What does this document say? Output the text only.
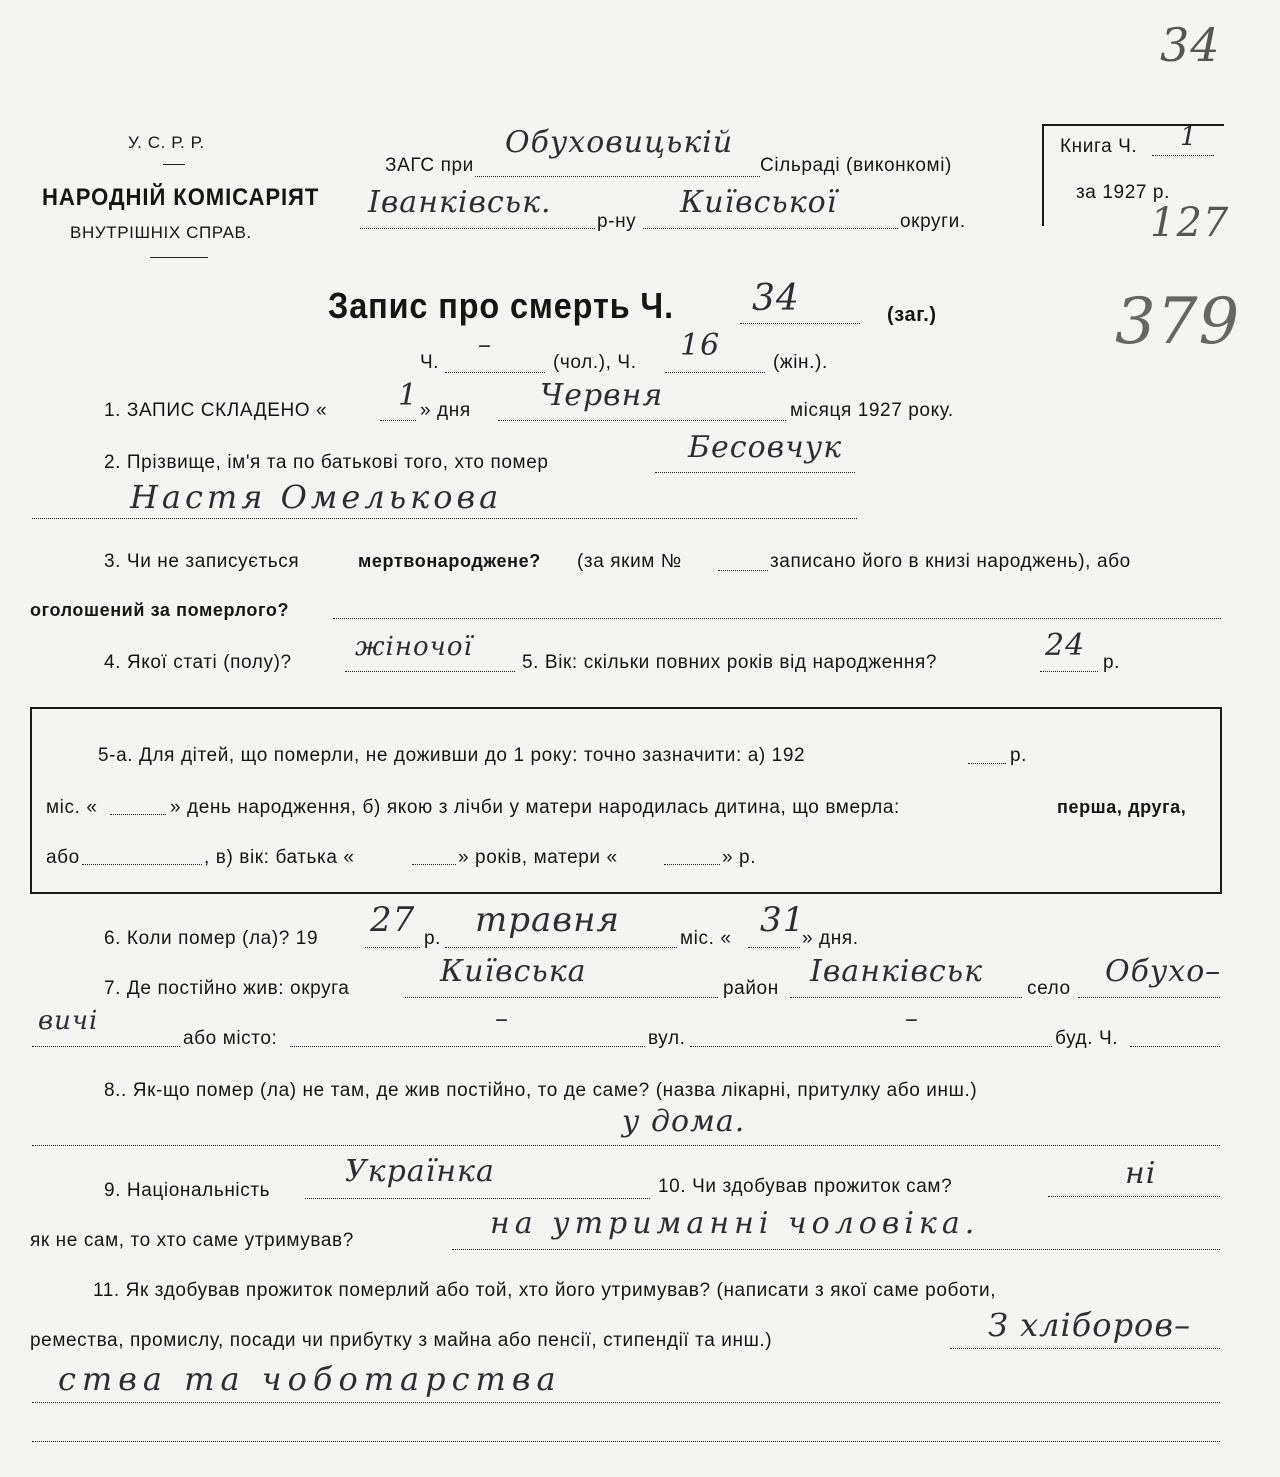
У. С. Р. Р.
НАРОДНІЙ КОМІСАРІЯТ
ВНУТРІШНІХ СПРАВ.
ЗАГС при
Обуховицькій
Сільраді (виконкомі)
Іванківськ.
р-ну
Київської
округи.
Книга Ч. 1
за 1927 р.
34
127
379
Запис про смерть Ч. 34	(заг.)
Ч.
–
(чол.), Ч. 16	(жін.).
1. ЗАПИС СКЛАДЕНО « 1 » дня Червня	місяця 1927 року.
2. Прізвище, ім'я та по батькові того, хто помер	Бесовчук
Настя Омелькова
3. Чи не записується	мертвонароджене? (за яким №	записано його в книзі народжень), або
оголошений за померлого?
4. Якої статі (полу)?
жіночої
5. Вік: скільки повних років від народження?	24 р.
5-а. Для дітей, що померли, не доживши до 1 року: точно зазначити: а) 192	р.
міс. «	» день народження, б) якою з лічби у матери народилась дитина, що вмерла:	перша, друга,
або	, в) вік: батька «	» років, матери «	» р.
6. Коли помер (ла)? 19 27 р. травня	міс. « 31
» дня.
7. Де постійно жив: округа	Київська	район Іванківськ село Обухо–
вичі
або місто:
–
вул.
–
буд. Ч.
8.. Як-що помер (ла) не там, де жив постійно, то де саме? (назва лікарні, притулку або инш.)
у дома.
9. Національність
Українка	10. Чи здобував прожиток сам?	ні
як не сам, то хто саме утримував?	на утриманні чоловіка.
11. Як здобував прожиток померлий або той, хто його утримував? (написати з якої саме роботи,
ремества, промислу, посади чи прибутку з майна або пенсії, стипендії та инш.)	З хліборов–
ства та чоботарства
